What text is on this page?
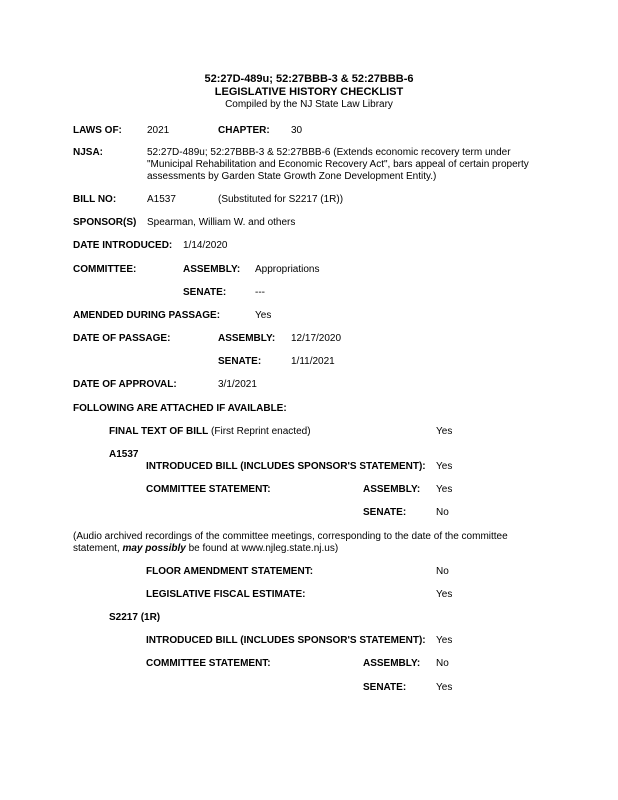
52:27D-489u; 52:27BBB-3 & 52:27BBB-6
LEGISLATIVE HISTORY CHECKLIST
Compiled by the NJ State Law Library
LAWS OF:	2021	CHAPTER: 30
NJSA:	52:27D-489u; 52:27BBB-3 & 52:27BBB-6 (Extends economic recovery term under
"Municipal Rehabilitation and Economic Recovery Act", bars appeal of certain property
assessments by Garden State Growth Zone Development Entity.)
BILL NO:	A1537	(Substituted for S2217 (1R))
SPONSOR(S) Spearman, William W. and others
DATE INTRODUCED: 1/14/2020
COMMITTEE:	ASSEMBLY: Appropriations
SENATE:	---
AMENDED DURING PASSAGE:	Yes
DATE OF PASSAGE:	ASSEMBLY: 12/17/2020
SENATE:	1/11/2021
DATE OF APPROVAL:	3/1/2021
FOLLOWING ARE ATTACHED IF AVAILABLE:
FINAL TEXT OF BILL (First Reprint enacted)	Yes
A1537
INTRODUCED BILL (INCLUDES SPONSOR'S STATEMENT): Yes
COMMITTEE STATEMENT:	ASSEMBLY: Yes
SENATE:	No
(Audio archived recordings of the committee meetings, corresponding to the date of the committee
statement, may possibly be found at www.njleg.state.nj.us)
FLOOR AMENDMENT STATEMENT:	No
LEGISLATIVE FISCAL ESTIMATE:	Yes
S2217 (1R)
INTRODUCED BILL (INCLUDES SPONSOR'S STATEMENT): Yes
COMMITTEE STATEMENT:	ASSEMBLY: No
SENATE:	Yes
